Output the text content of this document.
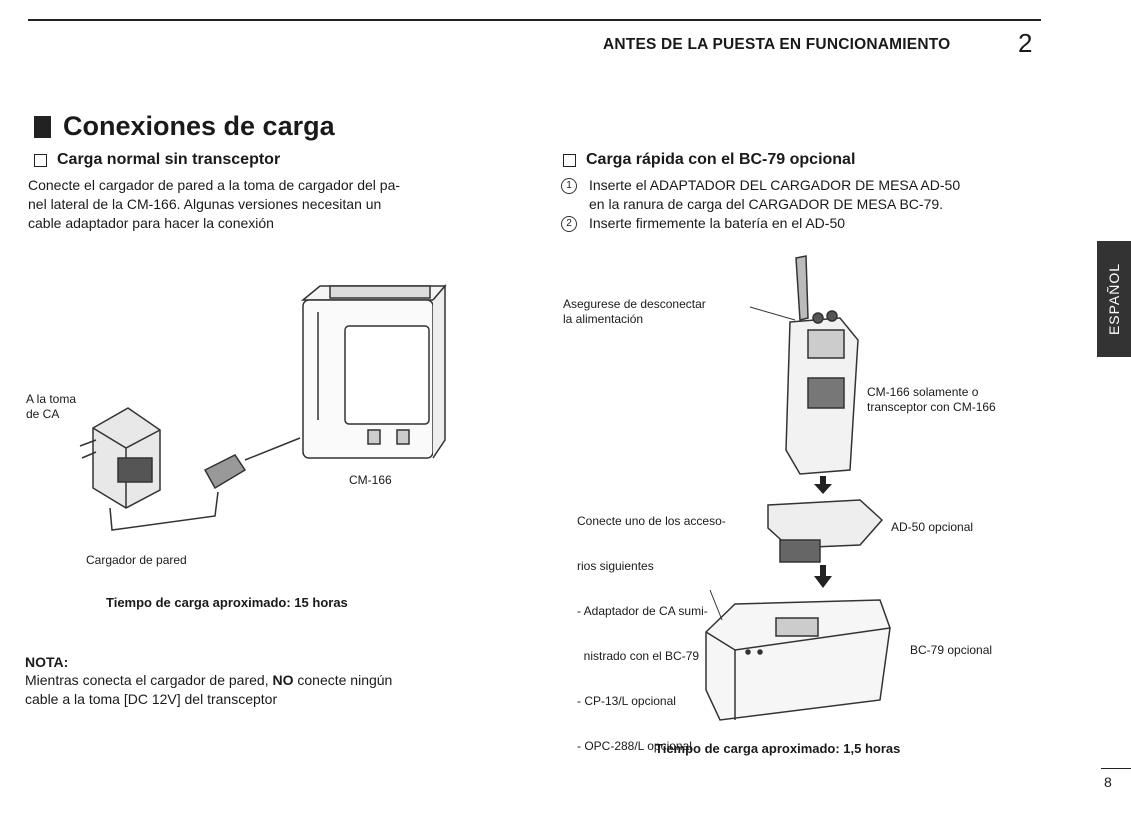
ANTES DE LA PUESTA EN FUNCIONAMIENTO	2
Conexiones de carga
Carga normal sin transceptor
Conecte el cargador de pared a la toma de cargador del pa-
nel lateral de la CM-166. Algunas versiones necesitan un
cable adaptador para hacer la conexión
A la toma
de CA
CM-166
Cargador de pared
Tiempo de carga aproximado: 15 horas
NOTA:
Mientras conecta el cargador de pared, NO conecte ningún
cable a la toma [DC 12V] del transceptor
Carga rápida con el BC-79 opcional
1	Inserte el ADAPTADOR DEL CARGADOR DE MESA AD-50
en la ranura de carga del CARGADOR DE MESA BC-79.
2	Inserte firmemente la batería en el AD-50
Asegurese de desconectar
la alimentación
CM-166 solamente o
transceptor con CM-166

Conecte uno de los acceso-

rios siguientes

- Adaptador de CA sumi-

nistrado con el BC-79

- CP-13/L opcional

- OPC-288/L opcional

AD-50 opcional
BC-79 opcional
Tiempo de carga aproximado: 1,5 horas
ESPAÑOL
8
